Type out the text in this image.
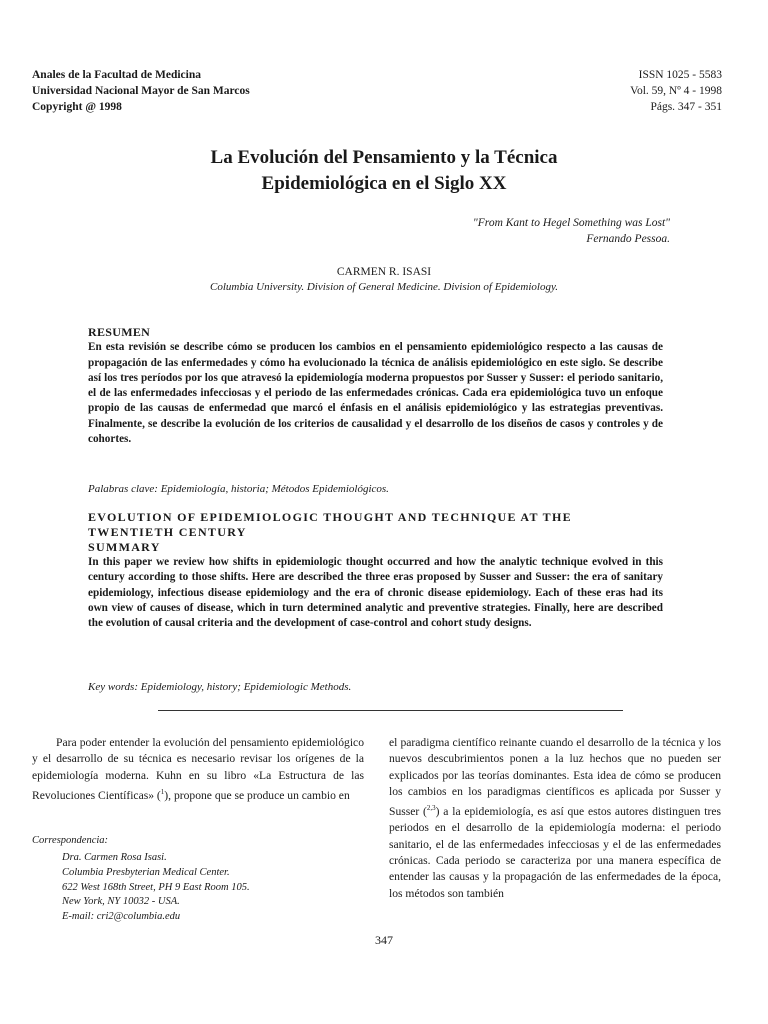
Anales de la Facultad de Medicina
Universidad Nacional Mayor de San Marcos
Copyright @ 1998
ISSN 1025 - 5583
Vol. 59, Nº 4 - 1998
Págs. 347 - 351
La Evolución del Pensamiento y la Técnica
Epidemiológica en el Siglo XX
"From Kant to Hegel Something was Lost"
Fernando Pessoa.
CARMEN R. ISASI
Columbia University. Division of General Medicine. Division of Epidemiology.
RESUMEN
En esta revisión se describe cómo se producen los cambios en el pensamiento epidemiológico respecto a las causas de propagación de las enfermedades y cómo ha evolucionado la técnica de análisis epidemiológico en este siglo. Se describe así los tres períodos por los que atravesó la epidemiología moderna propuestos por Susser y Susser: el periodo sanitario, el de las enfermedades infecciosas y el periodo de las enfermedades crónicas. Cada era epidemiológica tuvo un enfoque propio de las causas de enfermedad que marcó el énfasis en el análisis epidemiológico y las estrategias preventivas. Finalmente, se describe la evolución de los criterios de causalidad y el desarrollo de los diseños de casos y controles y de cohortes.
Palabras clave: Epidemiología, historia; Métodos Epidemiológicos.
EVOLUTION OF EPIDEMIOLOGIC THOUGHT AND TECHNIQUE AT THE
TWENTIETH CENTURY
SUMMARY
In this paper we review how shifts in epidemiologic thought occurred and how the analytic technique evolved in this century according to those shifts. Here are described the three eras proposed by Susser and Susser: the era of sanitary epidemiology, infectious disease epidemiology and the era of chronic disease epidemiology. Each of these eras had its own view of causes of disease, which in turn determined analytic and preventive strategies. Finally, here are described the evolution of causal criteria and the development of case-control and cohort study designs.
Key words: Epidemiology, history; Epidemiologic Methods.

Para poder entender la evolución del pensamiento epidemiológico y el desarrollo de su técnica es necesario revisar los orígenes de la epidemiología moderna. Kuhn en su libro «La Estructura de las Revoluciones Científicas» ($^1$), propone que se produce un cambio en

Correspondencia:
Dra. Carmen Rosa Isasi.
Columbia Presbyterian Medical Center.
622 West 168th Street, PH 9 East Room 105.
New York, NY 10032 - USA.
E-mail: cri2@columbia.edu

el paradigma científico reinante cuando el desarrollo de la técnica y los nuevos descubrimientos ponen a la luz hechos que no pueden ser explicados por las teorías dominantes. Esta idea de cómo se producen los cambios en los paradigmas científicos es aplicada por Susser y Susser ($^{2,3}$) a la epidemiología, es así que estos autores distinguen tres periodos en el desarrollo de la epidemiología moderna: el periodo sanitario, el de las enfermedades infecciosas y el de las enfermedades crónicas. Cada periodo se caracteriza por una manera específica de entender las causas y la propagación de las enfermedades de la época, los métodos son también

347
